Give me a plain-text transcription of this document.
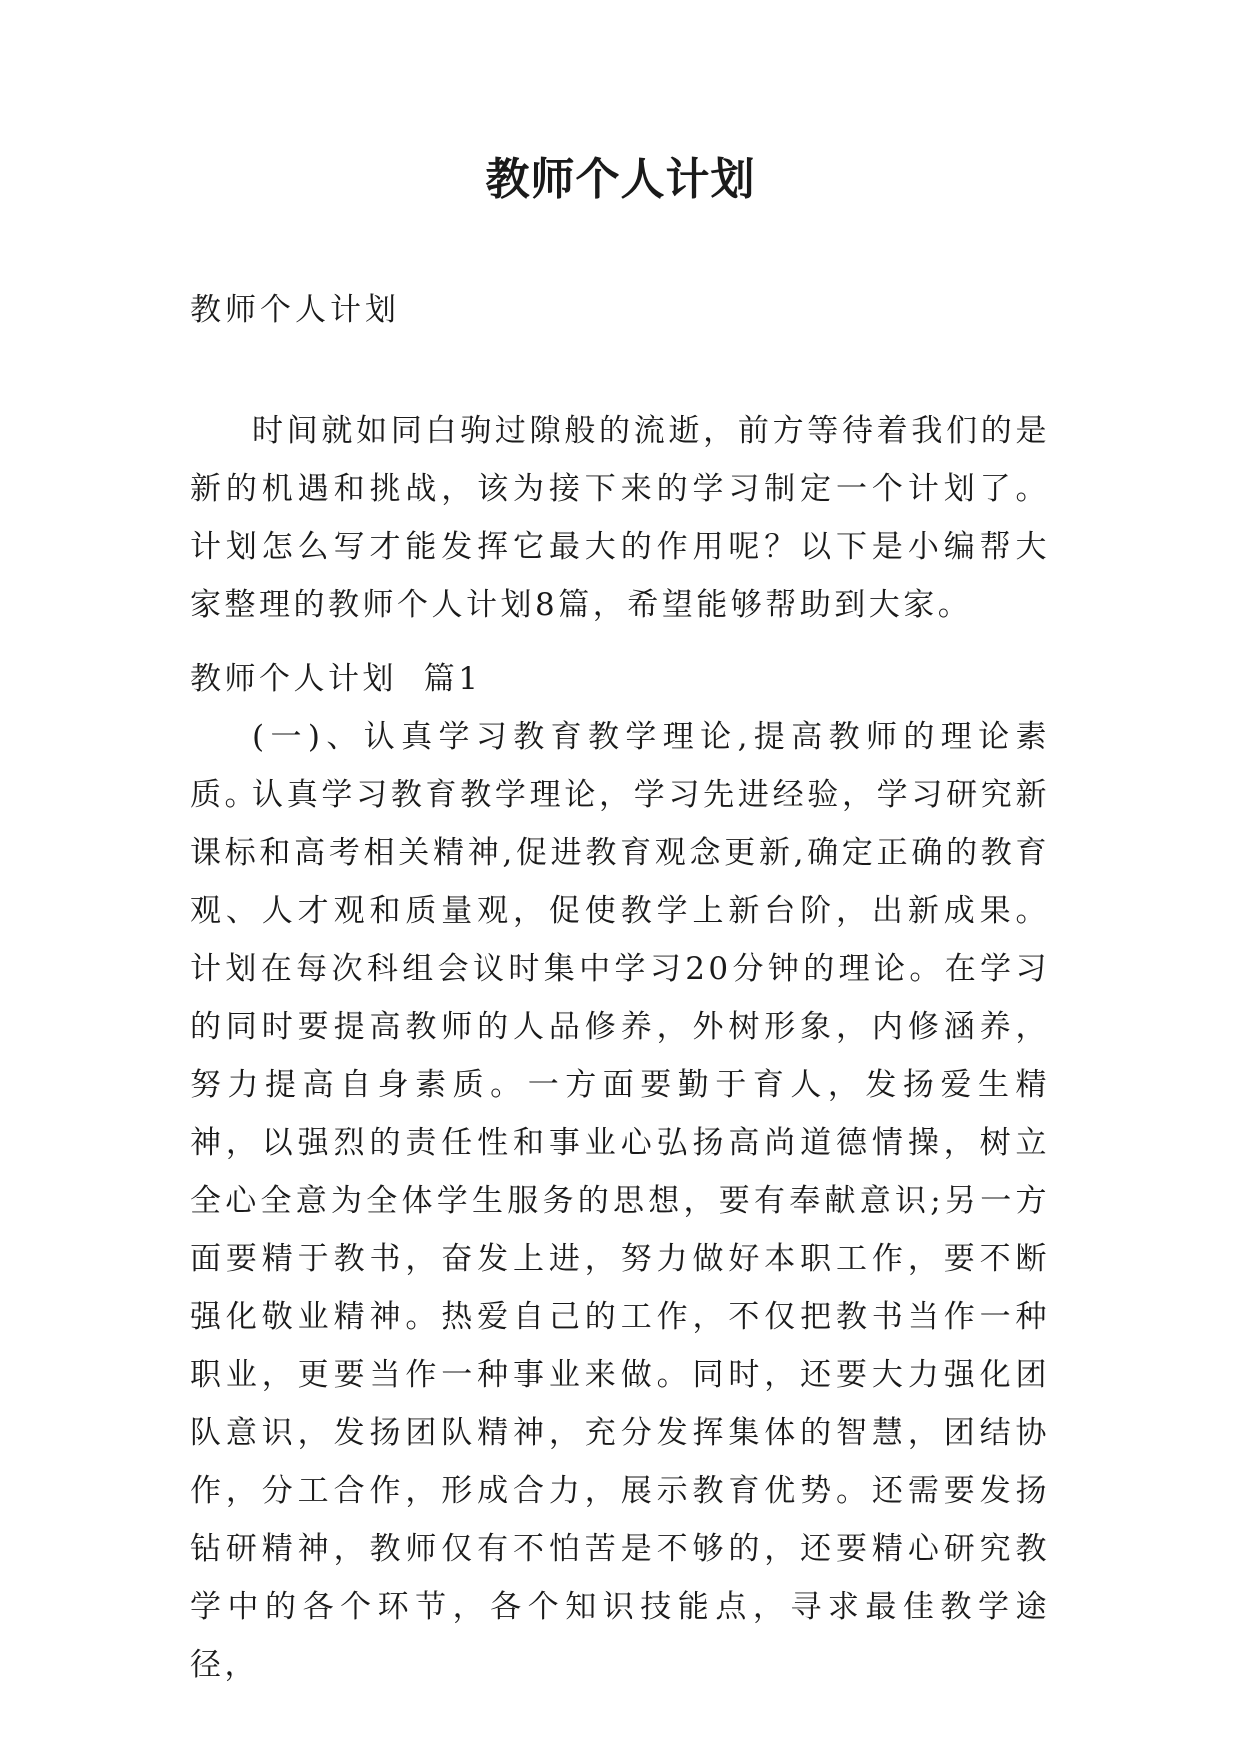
教师个人计划

教师个人计划

时间就如同白驹过隙般的流逝，前方等待着我们的是新的机遇和挑战，该为接下来的学习制定一个计划了。计划怎么写才能发挥它最大的作用呢？以下是小编帮大家整理的教师个人计划8篇，希望能够帮助到大家。

教师个人计划  篇1

(一)、认真学习教育教学理论,提高教师的理论素质。

认真学习教育教学理论，学习先进经验，学习研究新课标和高考相关精神,促进教育观念更新,确定正确的教育观、人才观和质量观，促使教学上新台阶，出新成果。计划在每次科组会议时集中学习20分钟的理论。在学习的同时要提高教师的人品修养，外树形象，内修涵养，努力提高自身素质。一方面要勤于育人，发扬爱生精神，以强烈的责任性和事业心弘扬高尚道德情操，树立全心全意为全体学生服务的思想，要有奉献意识;另一方面要精于教书，奋发上进，努力做好本职工作，要不断强化敬业精神。热爱自己的工作，不仅把教书当作一种职业，更要当作一种事业来做。同时，还要大力强化团队意识，发扬团队精神，充分发挥集体的智慧，团结协作，分工合作，形成合力，展示教育优势。还需要发扬钻研精神，教师仅有不怕苦是不够的，还要精心研究教学中的各个环节，各个知识技能点，寻求最佳教学途径，
